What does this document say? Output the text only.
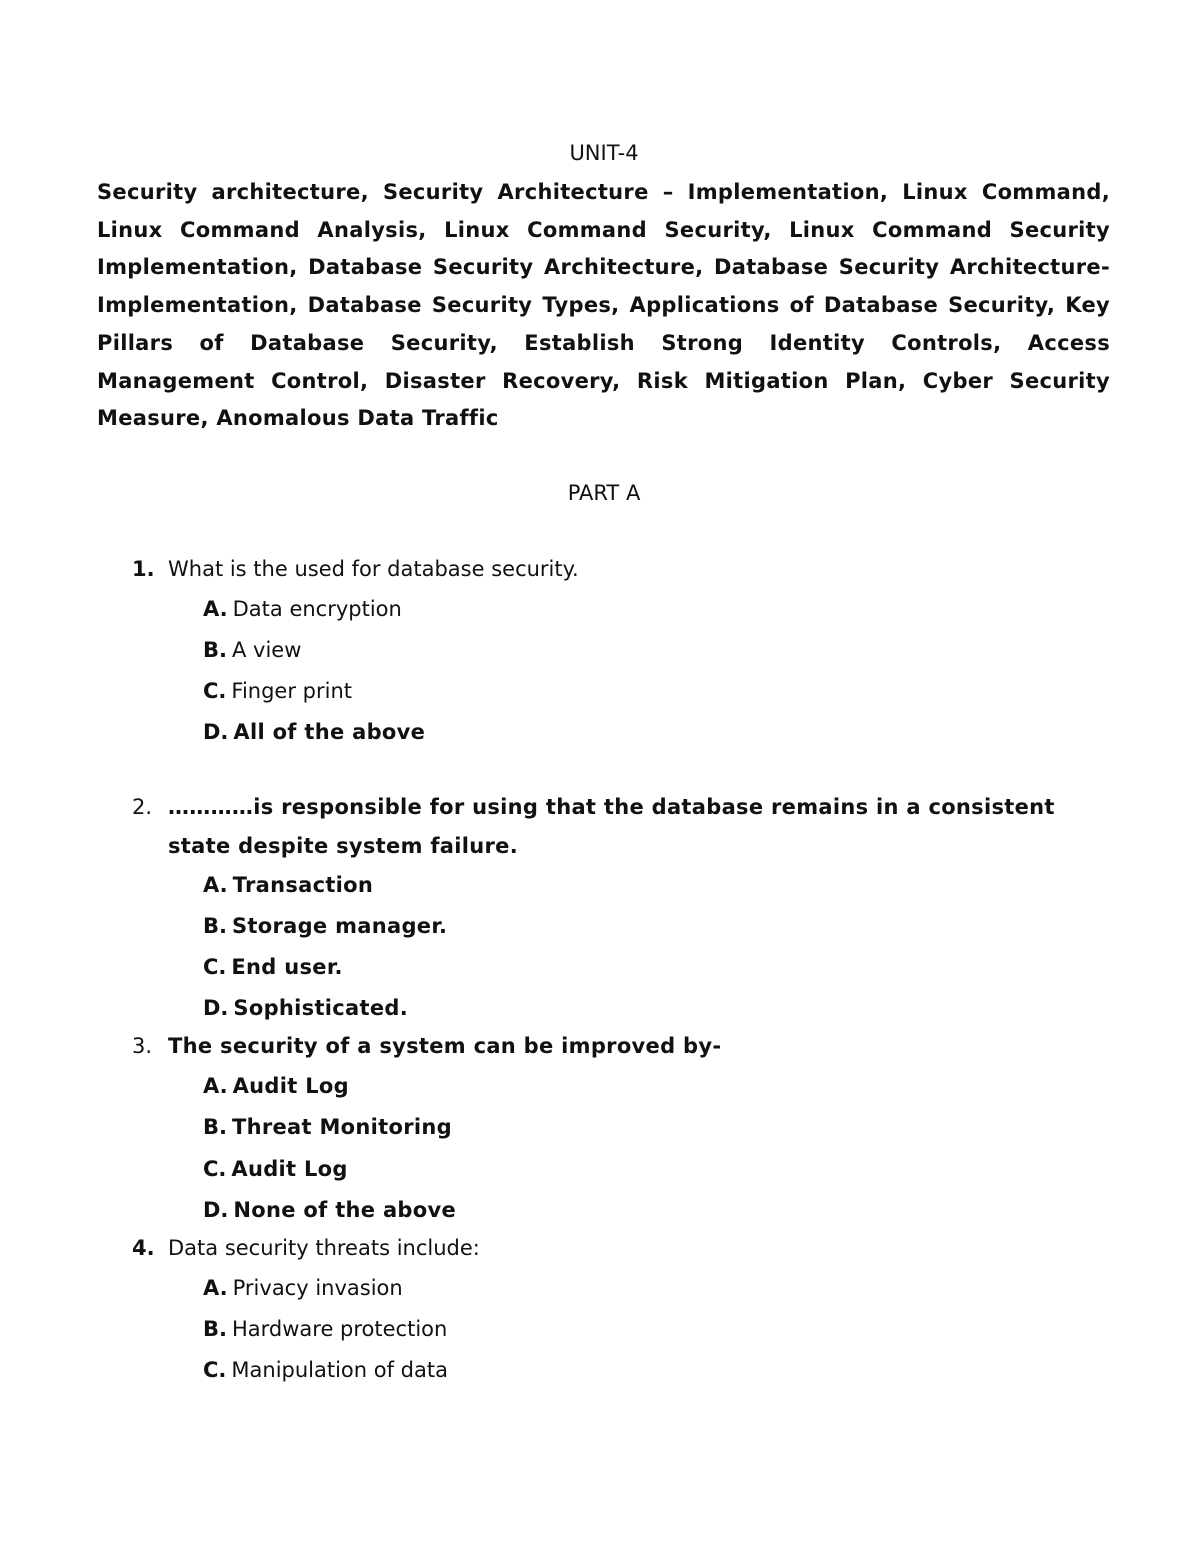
UNIT-4
Security architecture, Security Architecture – Implementation, Linux Command, Linux Command Analysis, Linux Command Security, Linux Command Security Implementation, Database Security Architecture, Database Security Architecture-Implementation, Database Security Types, Applications of Database Security, Key Pillars of Database Security, Establish Strong Identity Controls, Access Management Control, Disaster Recovery, Risk Mitigation Plan, Cyber Security Measure, Anomalous Data Traffic
PART A
1. What is the used for database security.
A. Data encryption
B. A view
C. Finger print
D. All of the above
2. …………is responsible for using that the database remains in a consistent state despite system failure.
A. Transaction
B. Storage manager.
C. End user.
D. Sophisticated.
3. The security of a system can be improved by-
A. Audit Log
B. Threat Monitoring
C. Audit Log
D. None of the above
4. Data security threats include:
A. Privacy invasion
B. Hardware protection
C. Manipulation of data
